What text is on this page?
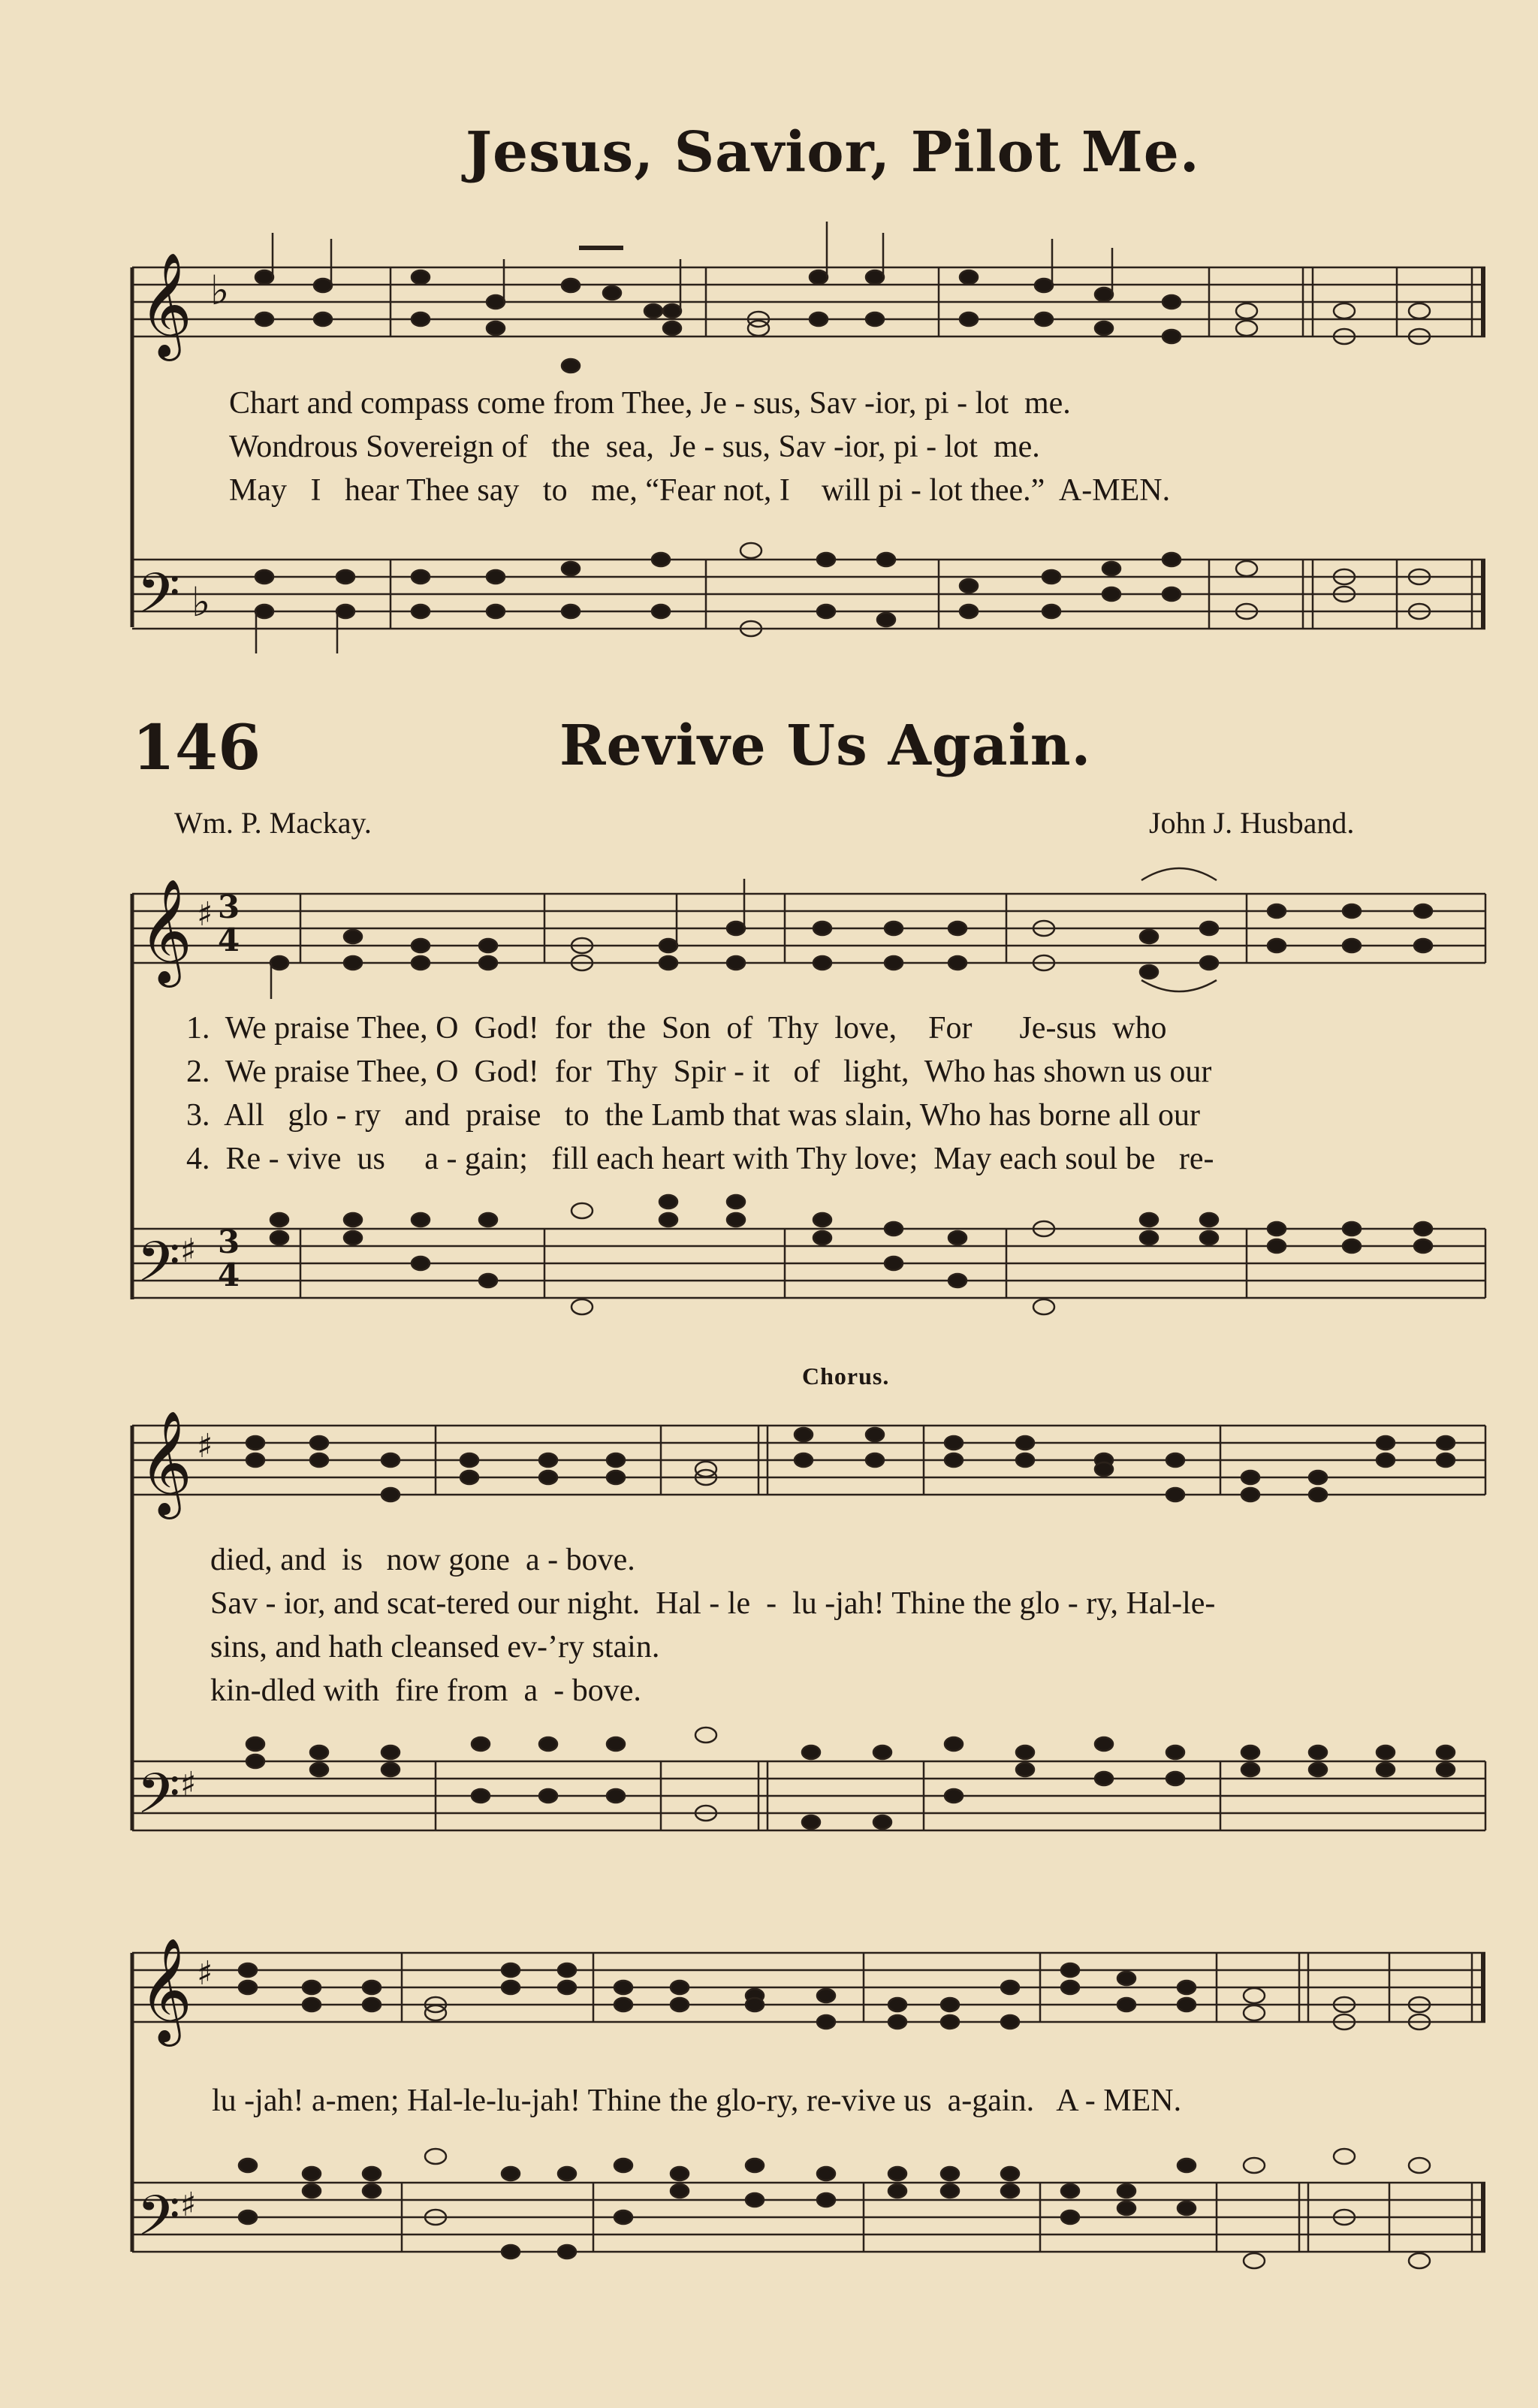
Jesus, Savior, Pilot Me.
𝄞 ♭
Chart and compass come from Thee, Je - sus, Sav -ior, pi - lot  me.
Wondrous Sovereign of   the  sea,  Je - sus, Sav -ior, pi - lot  me.
May   I   hear Thee say   to   me, “Fear not, I    will pi - lot thee.”  A-MEN.
𝄢 ♭
146	Revive Us Again.
Wm. P. Mackay.	John J. Husband.
𝄞 ♯ 3
4
1.  We praise Thee, O  God!  for  the  Son  of  Thy  love,    For      Je-sus  who
2.  We praise Thee, O  God!  for  Thy  Spir - it   of   light,  Who has shown us our
3.  All   glo - ry   and  praise   to  the Lamb that was slain, Who has borne all our
4.  Re - vive  us     a - gain;   fill each heart with Thy love;  May each soul be   re-
𝄢 ♯ 3
4
Chorus.
𝄞 ♯
died, and  is   now gone  a - bove.
Sav - ior, and scat-tered our night.  Hal - le  -  lu -jah! Thine the glo - ry, Hal-le-
sins, and hath cleansed ev-’ry stain.
kin-dled with  fire from  a  - bove.
𝄢 ♯
𝄞 ♯
lu -jah! a-men; Hal-le-lu-jah! Thine the glo-ry, re-vive us  a-gain.   A - MEN.
𝄢 ♯
